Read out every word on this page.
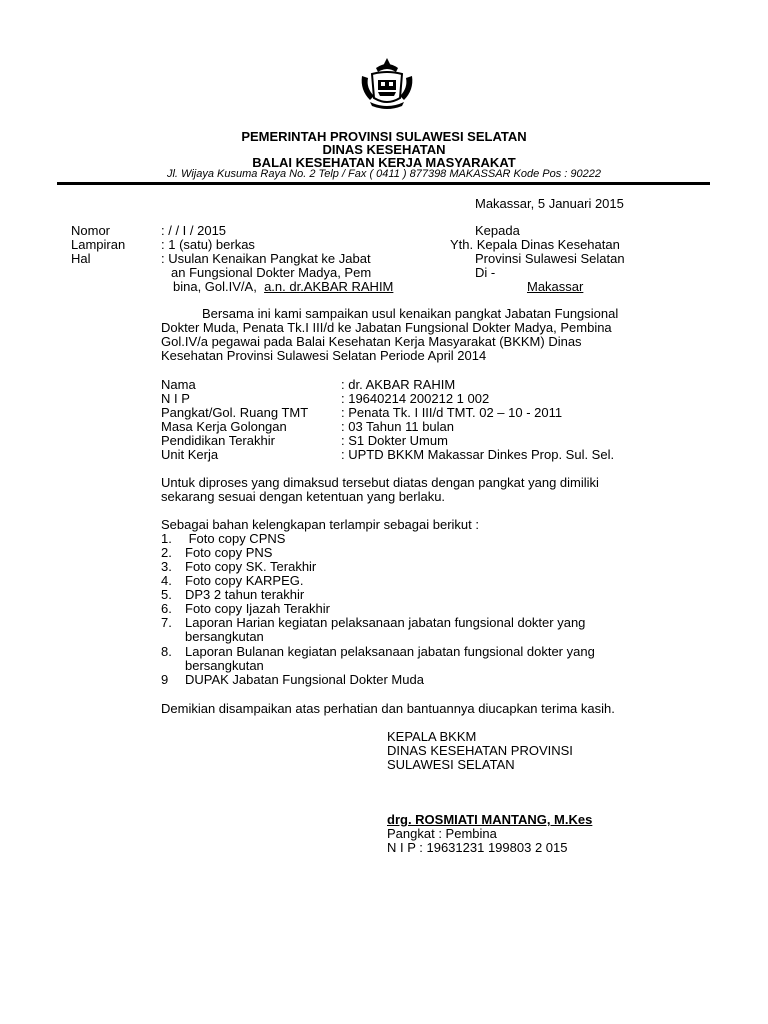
PEMERINTAH PROVINSI SULAWESI SELATAN
DINAS KESEHATAN
BALAI KESEHATAN KERJA MASYARAKAT
Jl. Wijaya Kusuma Raya No. 2 Telp / Fax ( 0411 ) 877398 MAKASSAR Kode Pos : 90222
Makassar, 5 Januari 2015
Nomor	: / / I / 2015
Lampiran	: 1 (satu) berkas
Hal	: Usulan Kenaikan Pangkat ke Jabat
an Fungsional Dokter Madya, Pem
bina, Gol.IV/A, a.n. dr.AKBAR RAHIM
Kepada
Yth. Kepala Dinas Kesehatan
Provinsi Sulawesi Selatan
Di -
Makassar
Bersama ini kami sampaikan usul kenaikan pangkat Jabatan Fungsional
Dokter Muda, Penata Tk.I III/d ke Jabatan Fungsional Dokter Madya, Pembina
Gol.IV/a pegawai pada Balai Kesehatan Kerja Masyarakat (BKKM) Dinas
Kesehatan Provinsi Sulawesi Selatan Periode April 2014
Nama	: dr. AKBAR RAHIM
N I P	: 19640214 200212 1 002
Pangkat/Gol. Ruang TMT	: Penata Tk. I III/d TMT. 02 – 10 - 2011
Masa Kerja Golongan	: 03 Tahun 11 bulan
Pendidikan Terakhir	: S1 Dokter Umum
Unit Kerja	: UPTD BKKM Makassar Dinkes Prop. Sul. Sel.
Untuk diproses yang dimaksud tersebut diatas dengan pangkat yang dimiliki
sekarang sesuai dengan ketentuan yang berlaku.
Sebagai bahan kelengkapan terlampir sebagai berikut :
1. Foto copy CPNS
2. Foto copy PNS
3. Foto copy SK. Terakhir
4. Foto copy KARPEG.
5. DP3 2 tahun terakhir
6. Foto copy Ijazah Terakhir
7. Laporan Harian kegiatan pelaksanaan jabatan fungsional dokter yang
bersangkutan
8. Laporan Bulanan kegiatan pelaksanaan jabatan fungsional dokter yang
bersangkutan
9 DUPAK Jabatan Fungsional Dokter Muda
Demikian disampaikan atas perhatian dan bantuannya diucapkan terima kasih.
KEPALA BKKM
DINAS KESEHATAN PROVINSI
SULAWESI SELATAN
drg. ROSMIATI MANTANG, M.Kes
Pangkat : Pembina
N I P : 19631231 199803 2 015
